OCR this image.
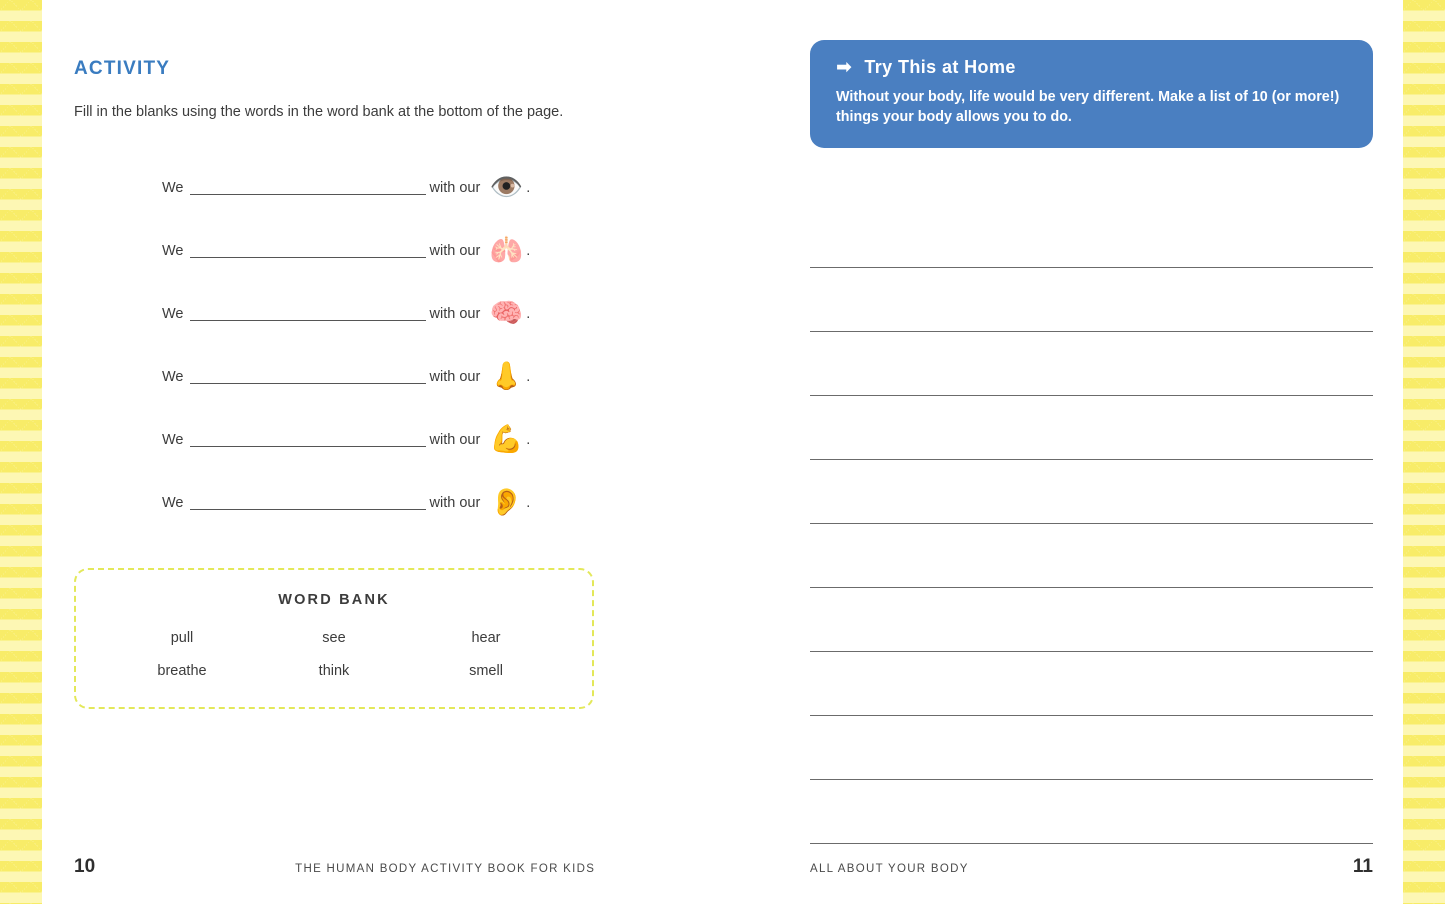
ACTIVITY

Fill in the blanks using the words in the word bank at the bottom of the page.

We	with our 👁️ .
We	with our 🫁 .
We	with our 🧠 .
We	with our 👃 .
We	with our 💪 .
We	with our 👂 .
WORD BANK
pull	see	hear
breathe	think	smell
10	THE HUMAN BODY ACTIVITY BOOK FOR KIDS
➡ Try This at Home
Without your body, life would be very different. Make a list of 10 (or more!) things your body allows you to do.
ALL ABOUT YOUR BODY	11
